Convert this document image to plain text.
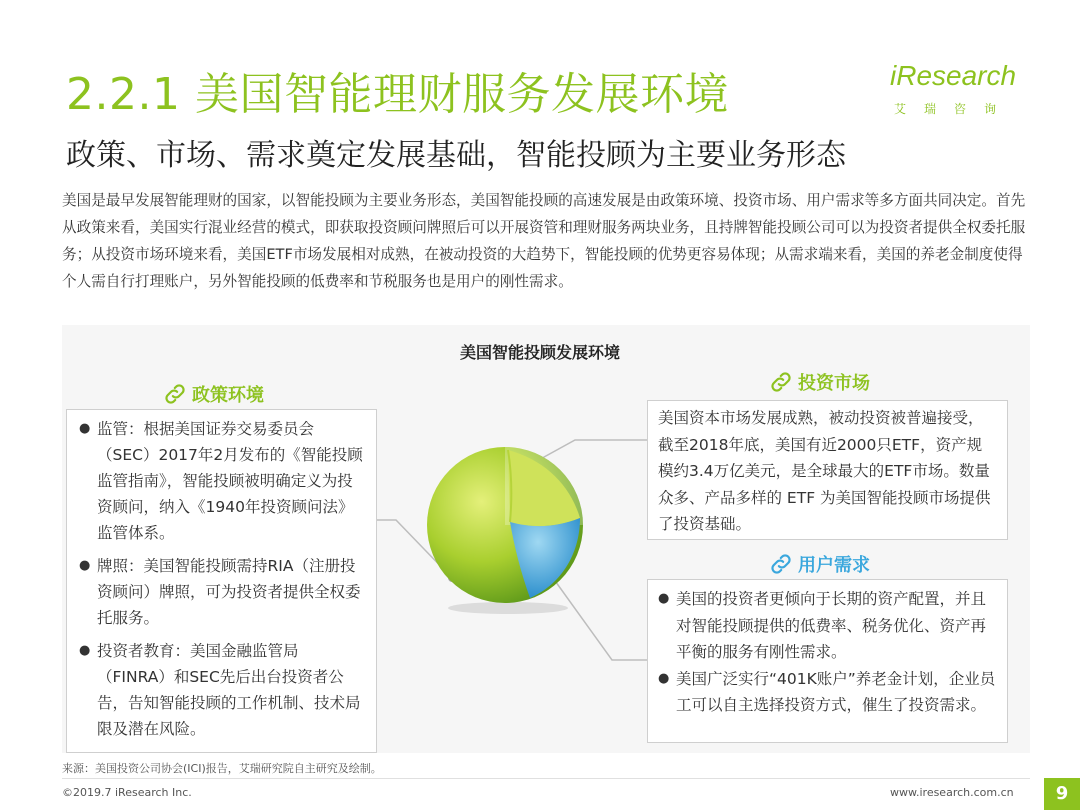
2.2.1 美国智能理财服务发展环境	iResearch
艾瑞咨询
政策、市场、需求奠定发展基础，智能投顾为主要业务形态
美国是最早发展智能理财的国家，以智能投顾为主要业务形态，美国智能投顾的高速发展是由政策环境、投资市场、用户需求等多方面共同决定。首先从政策来看，美国实行混业经营的模式，即获取投资顾问牌照后可以开展资管和理财服务两块业务，且持牌智能投顾公司可以为投资者提供全权委托服务；从投资市场环境来看，美国ETF市场发展相对成熟，在被动投资的大趋势下，智能投顾的优势更容易体现；从需求端来看，美国的养老金制度使得个人需自行打理账户，另外智能投顾的低费率和节税服务也是用户的刚性需求。
美国智能投顾发展环境
政策环境
投资市场
用户需求
● 监管：根据美国证券交易委员会（SEC）2017年2月发布的《智能投顾监管指南》，智能投顾被明确定义为投资顾问，纳入《1940年投资顾问法》监管体系。
● 牌照：美国智能投顾需持RIA（注册投资顾问）牌照，可为投资者提供全权委托服务。
● 投资者教育：美国金融监管局（FINRA）和SEC先后出台投资者公告，告知智能投顾的工作机制、技术局限及潜在风险。
美国资本市场发展成熟，被动投资被普遍接受，截至2018年底，美国有近2000只ETF，资产规模约3.4万亿美元，是全球最大的ETF市场。数量众多、产品多样的 ETF 为美国智能投顾市场提供了投资基础。
● 美国的投资者更倾向于长期的资产配置，并且对智能投顾提供的低费率、税务优化、资产再平衡的服务有刚性需求。
● 美国广泛实行“401K账户”养老金计划，企业员工可以自主选择投资方式，催生了投资需求。
来源：美国投资公司协会(ICI)报告，艾瑞研究院自主研究及绘制。
©2019.7 iResearch Inc.	www.iresearch.com.cn	9
